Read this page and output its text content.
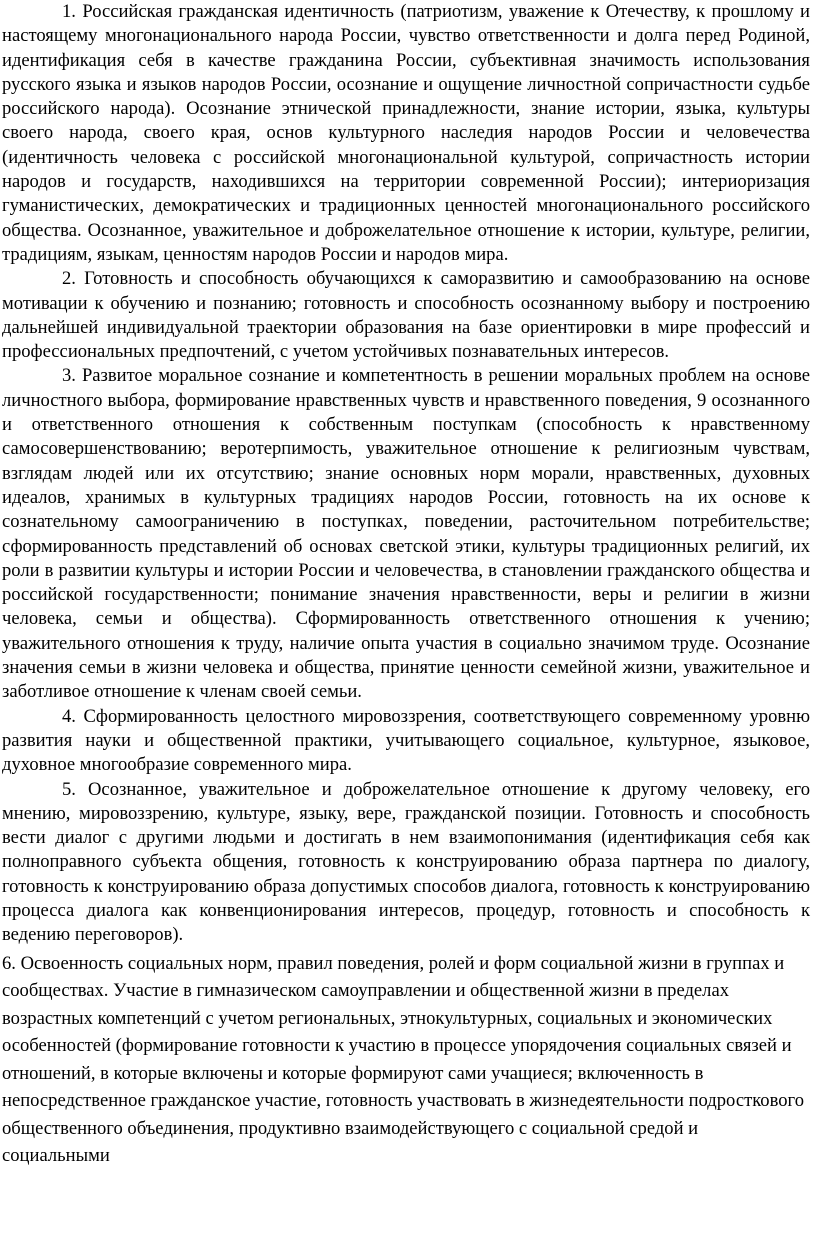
1. Российская гражданская идентичность (патриотизм, уважение к Отечеству, к прошлому и настоящему многонационального народа России, чувство ответственности и долга перед Родиной, идентификация себя в качестве гражданина России, субъективная значимость использования русского языка и языков народов России, осознание и ощущение личностной сопричастности судьбе российского народа). Осознание этнической принадлежности, знание истории, языка, культуры своего народа, своего края, основ культурного наследия народов России и человечества (идентичность человека с российской многонациональной культурой, сопричастность истории народов и государств, находившихся на территории современной России); интериоризация гуманистических, демократических и традиционных ценностей многонационального российского общества. Осознанное, уважительное и доброжелательное отношение к истории, культуре, религии, традициям, языкам, ценностям народов России и народов мира.

2. Готовность и способность обучающихся к саморазвитию и самообразованию на основе мотивации к обучению и познанию; готовность и способность осознанному выбору и построению дальнейшей индивидуальной траектории образования на базе ориентировки в мире профессий и профессиональных предпочтений, с учетом устойчивых познавательных интересов.

3. Развитое моральное сознание и компетентность в решении моральных проблем на основе личностного выбора, формирование нравственных чувств и нравственного поведения, 9 осознанного и ответственного отношения к собственным поступкам (способность к нравственному самосовершенствованию; веротерпимость, уважительное отношение к религиозным чувствам, взглядам людей или их отсутствию; знание основных норм морали, нравственных, духовных идеалов, хранимых в культурных традициях народов России, готовность на их основе к сознательному самоограничению в поступках, поведении, расточительном потребительстве; сформированность представлений об основах светской этики, культуры традиционных религий, их роли в развитии культуры и истории России и человечества, в становлении гражданского общества и российской государственности; понимание значения нравственности, веры и религии в жизни человека, семьи и общества). Сформированность ответственного отношения к учению; уважительного отношения к труду, наличие опыта участия в социально значимом труде. Осознание значения семьи в жизни человека и общества, принятие ценности семейной жизни, уважительное и заботливое отношение к членам своей семьи.

4. Сформированность целостного мировоззрения, соответствующего современному уровню развития науки и общественной практики, учитывающего социальное, культурное, языковое, духовное многообразие современного мира.

5. Осознанное, уважительное и доброжелательное отношение к другому человеку, его мнению, мировоззрению, культуре, языку, вере, гражданской позиции. Готовность и способность вести диалог с другими людьми и достигать в нем взаимопонимания (идентификация себя как полноправного субъекта общения, готовность к конструированию образа партнера по диалогу, готовность к конструированию образа допустимых способов диалога, готовность к конструированию процесса диалога как конвенционирования интересов, процедур, готовность и способность к ведению переговоров).

6. Освоенность социальных норм, правил поведения, ролей и форм социальной жизни в группах и сообществах. Участие в гимназическом самоуправлении и общественной жизни в пределах возрастных компетенций с учетом региональных, этнокультурных, социальных и экономических особенностей (формирование готовности к участию в процессе упорядочения социальных связей и отношений, в которые включены и которые формируют сами учащиеся; включенность в непосредственное гражданское участие, готовность участвовать в жизнедеятельности подросткового общественного объединения, продуктивно взаимодействующего с социальной средой и социальными
